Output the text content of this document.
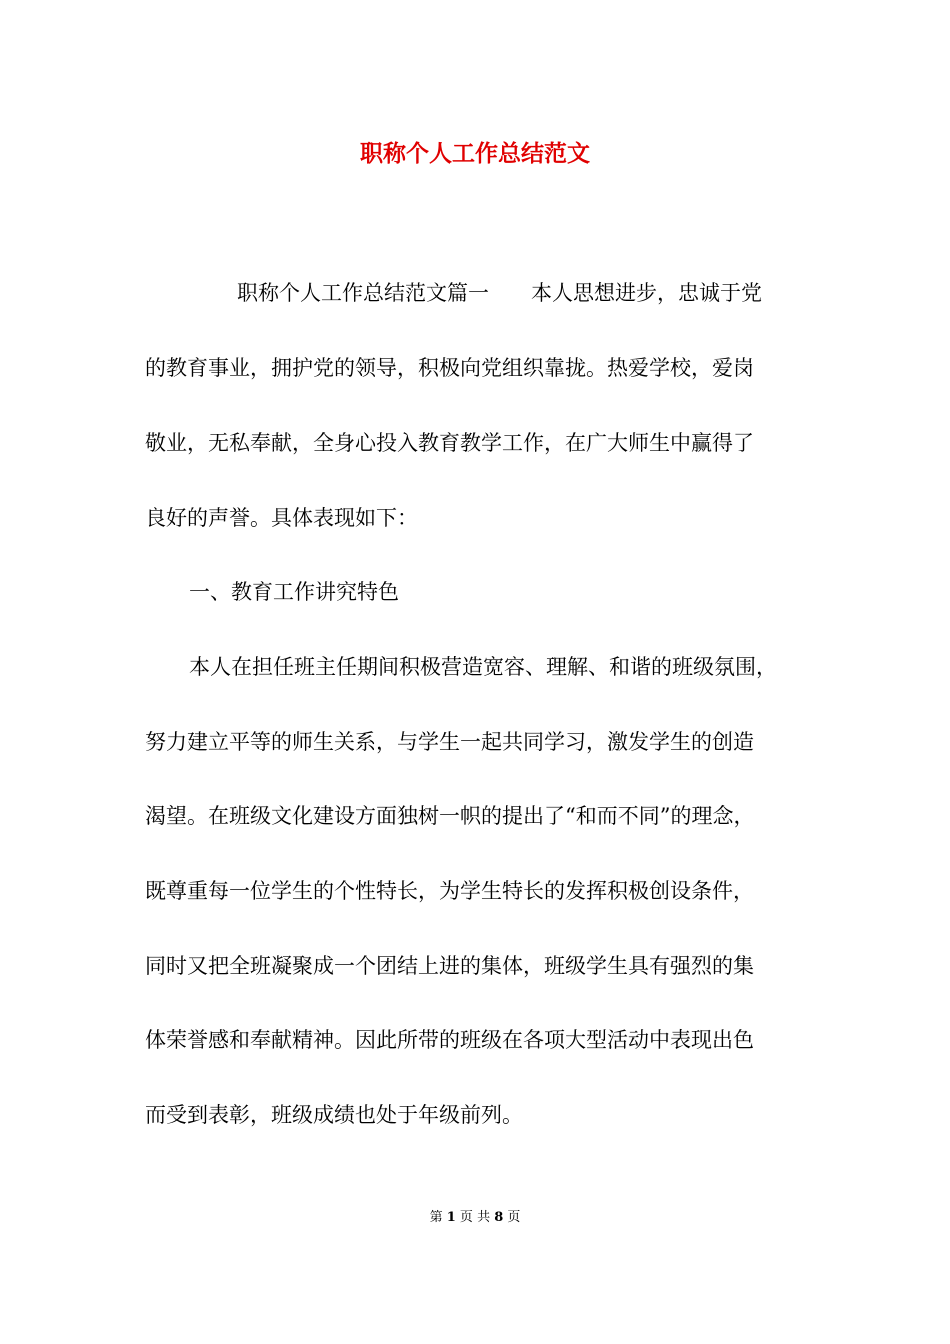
职称个人工作总结范文

职称个人工作总结范文篇一 本人思想进步，忠诚于党

的教育事业，拥护党的领导，积极向党组织靠拢。热爱学校，爱岗

敬业，无私奉献，全身心投入教育教学工作，在广大师生中赢得了

良好的声誉。具体表现如下：

一、教育工作讲究特色

本人在担任班主任期间积极营造宽容、理解、和谐的班级氛围，

努力建立平等的师生关系，与学生一起共同学习，激发学生的创造

渴望。在班级文化建设方面独树一帜的提出了“和而不同”的理念，

既尊重每一位学生的个性特长，为学生特长的发挥积极创设条件，

同时又把全班凝聚成一个团结上进的集体，班级学生具有强烈的集

体荣誉感和奉献精神。因此所带的班级在各项大型活动中表现出色

而受到表彰，班级成绩也处于年级前列。

第 1 页 共 8 页
